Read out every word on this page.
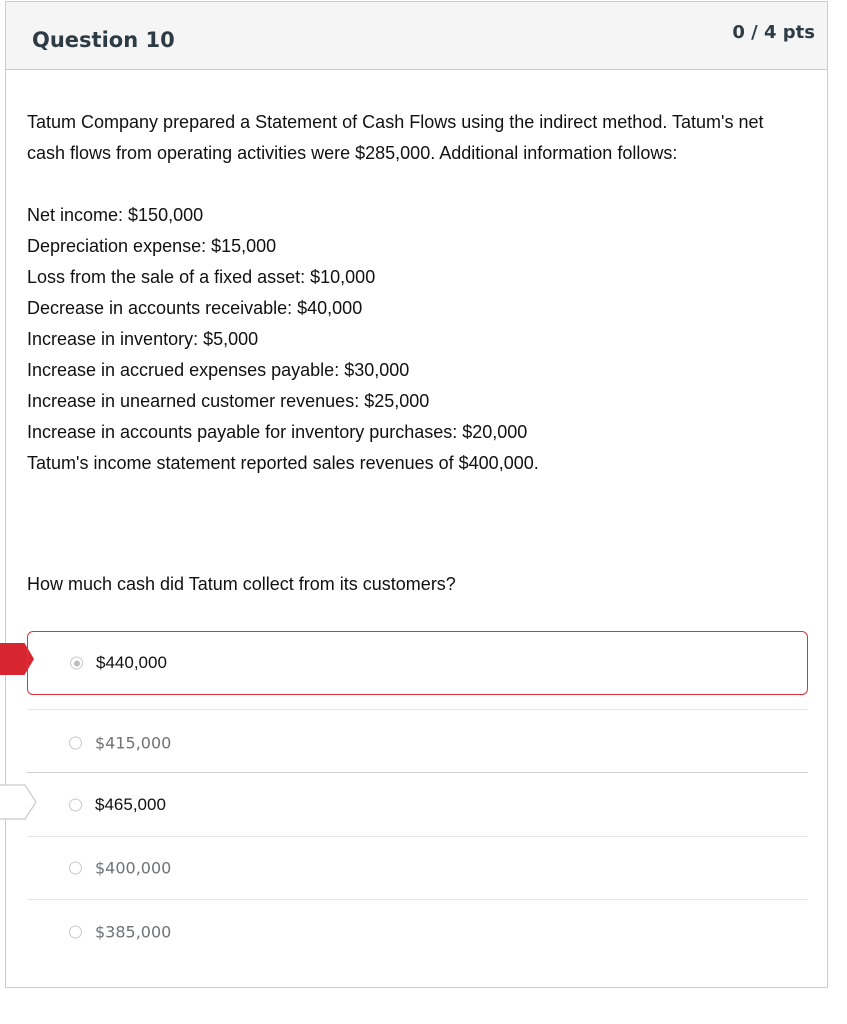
Question 10	0 / 4 pts

Tatum Company prepared a Statement of Cash Flows using the indirect method. Tatum's net cash flows from operating activities were $285,000. Additional information follows:

Net income: $150,000
Depreciation expense: $15,000
Loss from the sale of a fixed asset: $10,000
Decrease in accounts receivable: $40,000
Increase in inventory: $5,000
Increase in accrued expenses payable: $30,000
Increase in unearned customer revenues: $25,000
Increase in accounts payable for inventory purchases: $20,000
Tatum's income statement reported sales revenues of $400,000.
How much cash did Tatum collect from its customers?
$440,000
$415,000
$465,000
$400,000
$385,000
